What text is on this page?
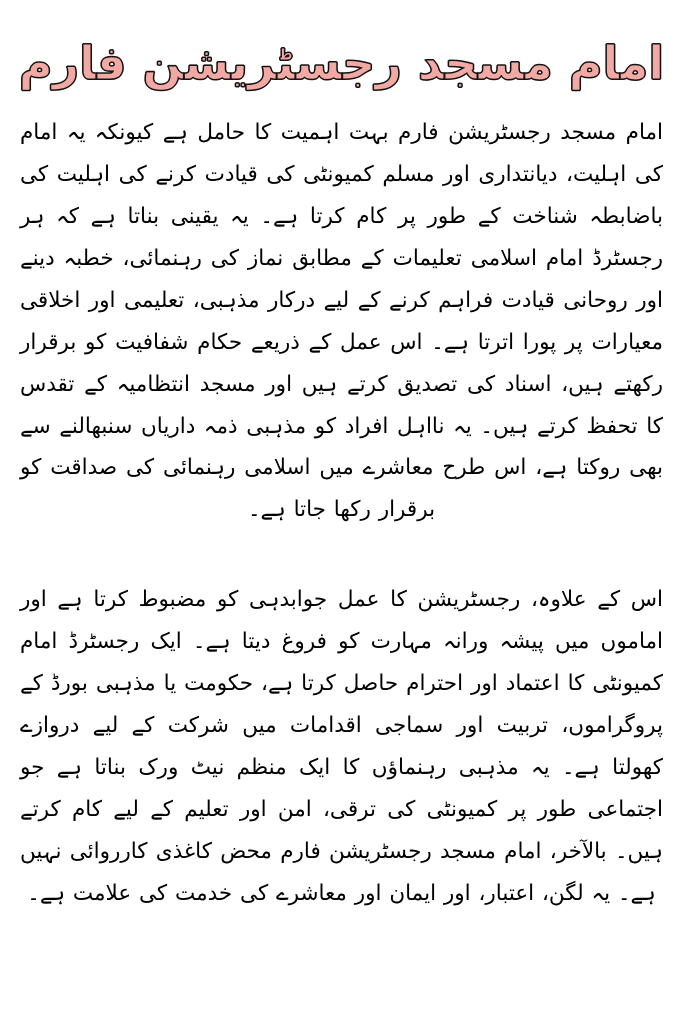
امام مسجد رجسٹریشن فارم

امام مسجد رجسٹریشن فارم بہت اہمیت کا حامل ہے کیونکہ یہ امام کی اہلیت، دیانتداری اور مسلم کمیونٹی کی قیادت کرنے کی اہلیت کی باضابطہ شناخت کے طور پر کام کرتا ہے۔ یہ یقینی بناتا ہے کہ ہر رجسٹرڈ امام اسلامی تعلیمات کے مطابق نماز کی رہنمائی، خطبہ دینے اور روحانی قیادت فراہم کرنے کے لیے درکار مذہبی، تعلیمی اور اخلاقی معیارات پر پورا اترتا ہے۔ اس عمل کے ذریعے حکام شفافیت کو برقرار رکھتے ہیں، اسناد کی تصدیق کرتے ہیں اور مسجد انتظامیہ کے تقدس کا تحفظ کرتے ہیں۔ یہ نااہل افراد کو مذہبی ذمہ داریاں سنبھالنے سے بھی روکتا ہے، اس طرح معاشرے میں اسلامی رہنمائی کی صداقت کو برقرار رکھا جاتا ہے۔

اس کے علاوہ، رجسٹریشن کا عمل جوابدہی کو مضبوط کرتا ہے اور اماموں میں پیشہ ورانہ مہارت کو فروغ دیتا ہے۔ ایک رجسٹرڈ امام کمیونٹی کا اعتماد اور احترام حاصل کرتا ہے، حکومت یا مذہبی بورڈ کے پروگراموں، تربیت اور سماجی اقدامات میں شرکت کے لیے دروازے کھولتا ہے۔ یہ مذہبی رہنماؤں کا ایک منظم نیٹ ورک بناتا ہے جو اجتماعی طور پر کمیونٹی کی ترقی، امن اور تعلیم کے لیے کام کرتے ہیں۔ بالآخر، امام مسجد رجسٹریشن فارم محض کاغذی کارروائی نہیں ہے۔ یہ لگن، اعتبار، اور ایمان اور معاشرے کی خدمت کی علامت ہے۔
